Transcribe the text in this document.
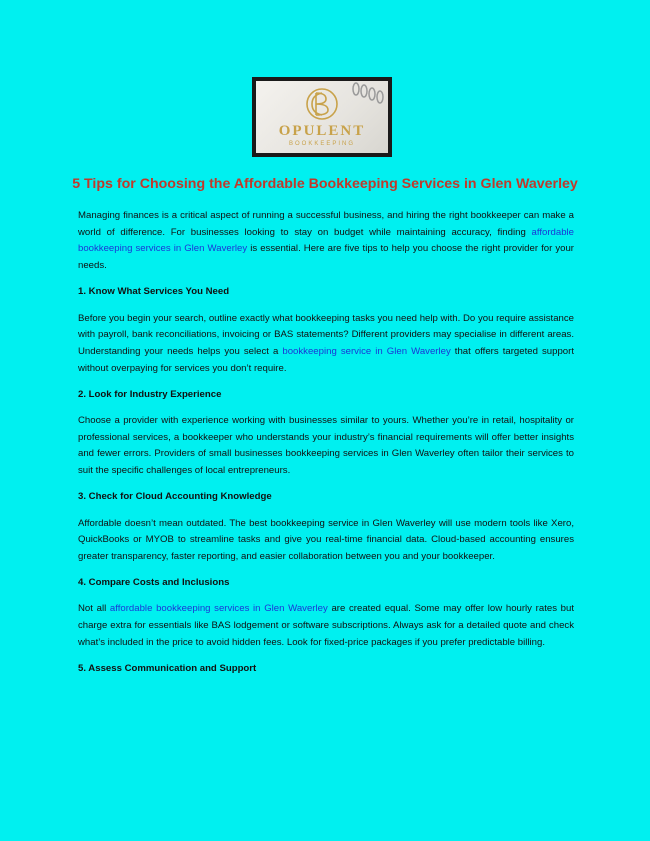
OPULENT
BOOKKEEPING
5 Tips for Choosing the Affordable Bookkeeping Services in Glen Waverley

Managing finances is a critical aspect of running a successful business, and hiring the right bookkeeper can make a world of difference. For businesses looking to stay on budget while maintaining accuracy, finding affordable bookkeeping services in Glen Waverley is essential. Here are five tips to help you choose the right provider for your needs.

1. Know What Services You Need

Before you begin your search, outline exactly what bookkeeping tasks you need help with. Do you require assistance with payroll, bank reconciliations, invoicing or BAS statements? Different providers may specialise in different areas. Understanding your needs helps you select a bookkeeping service in Glen Waverley that offers targeted support without overpaying for services you don’t require.

2. Look for Industry Experience

Choose a provider with experience working with businesses similar to yours. Whether you’re in retail, hospitality or professional services, a bookkeeper who understands your industry’s financial requirements will offer better insights and fewer errors. Providers of small businesses bookkeeping services in Glen Waverley often tailor their services to suit the specific challenges of local entrepreneurs.

3. Check for Cloud Accounting Knowledge

Affordable doesn’t mean outdated. The best bookkeeping service in Glen Waverley will use modern tools like Xero, QuickBooks or MYOB to streamline tasks and give you real-time financial data. Cloud-based accounting ensures greater transparency, faster reporting, and easier collaboration between you and your bookkeeper.

4. Compare Costs and Inclusions

Not all affordable bookkeeping services in Glen Waverley are created equal. Some may offer low hourly rates but charge extra for essentials like BAS lodgement or software subscriptions. Always ask for a detailed quote and check what’s included in the price to avoid hidden fees. Look for fixed-price packages if you prefer predictable billing.

5. Assess Communication and Support
